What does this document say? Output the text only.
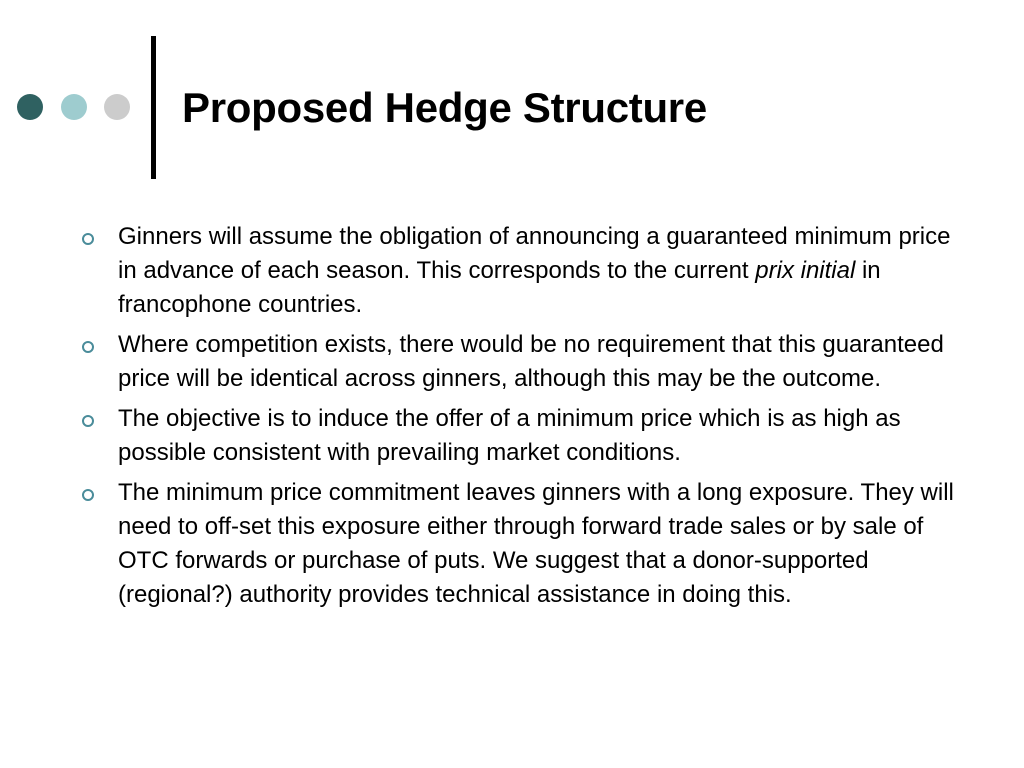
Proposed Hedge Structure
Ginners will assume the obligation of announcing a guaranteed minimum price in advance of each season. This corresponds to the current prix initial in francophone countries.
Where competition exists, there would be no requirement that this guaranteed price will be identical across ginners, although this may be the outcome.
The objective is to induce the offer of a minimum price which is as high as possible consistent with prevailing market conditions.
The minimum price commitment leaves ginners with a long exposure. They will need to off-set this exposure either through forward trade sales or by sale of OTC forwards or purchase of puts. We suggest that a donor-supported (regional?) authority provides technical assistance in doing this.
